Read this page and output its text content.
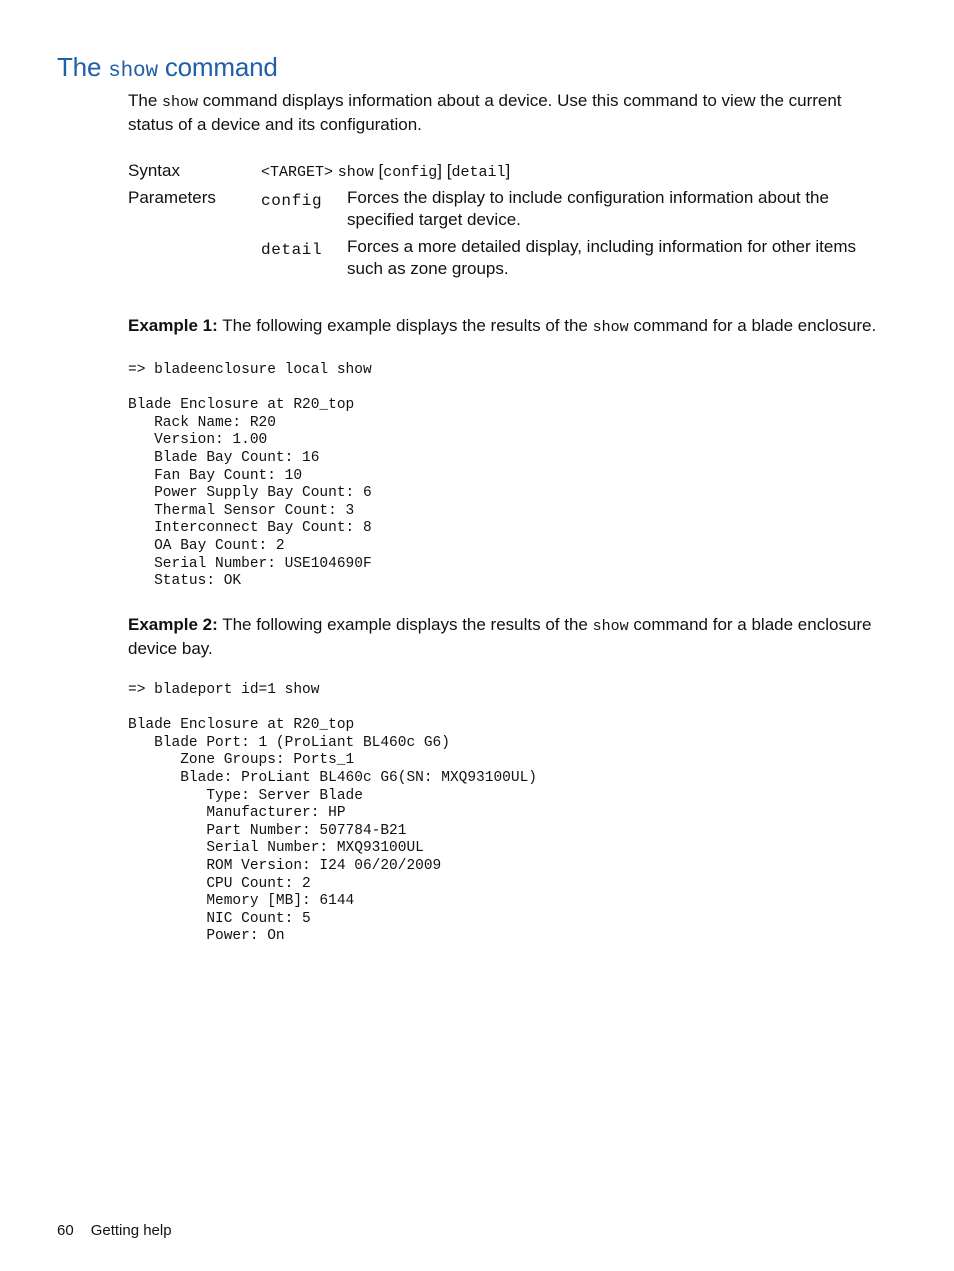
The show command

The show command displays information about a device. Use this command to view the current status of a device and its configuration.

Syntax	<TARGET> show [config] [detail]
Parameters	config Forces the display to include configuration information about the specified target device.
detail Forces a more detailed display, including information for other items such as zone groups.

Example 1: The following example displays the results of the show command for a blade enclosure.

=> bladeenclosure local show

Blade Enclosure at R20_top
Rack Name: R20
Version: 1.00
Blade Bay Count: 16
Fan Bay Count: 10
Power Supply Bay Count: 6
Thermal Sensor Count: 3
Interconnect Bay Count: 8
OA Bay Count: 2
Serial Number: USE104690F
Status: OK

Example 2: The following example displays the results of the show command for a blade enclosure device bay.

=> bladeport id=1 show

Blade Enclosure at R20_top
Blade Port: 1 (ProLiant BL460c G6)
Zone Groups: Ports_1
Blade: ProLiant BL460c G6(SN: MXQ93100UL)
Type: Server Blade
Manufacturer: HP
Part Number: 507784-B21
Serial Number: MXQ93100UL
ROM Version: I24 06/20/2009
CPU Count: 2
Memory [MB]: 6144
NIC Count: 5
Power: On
60 Getting help
